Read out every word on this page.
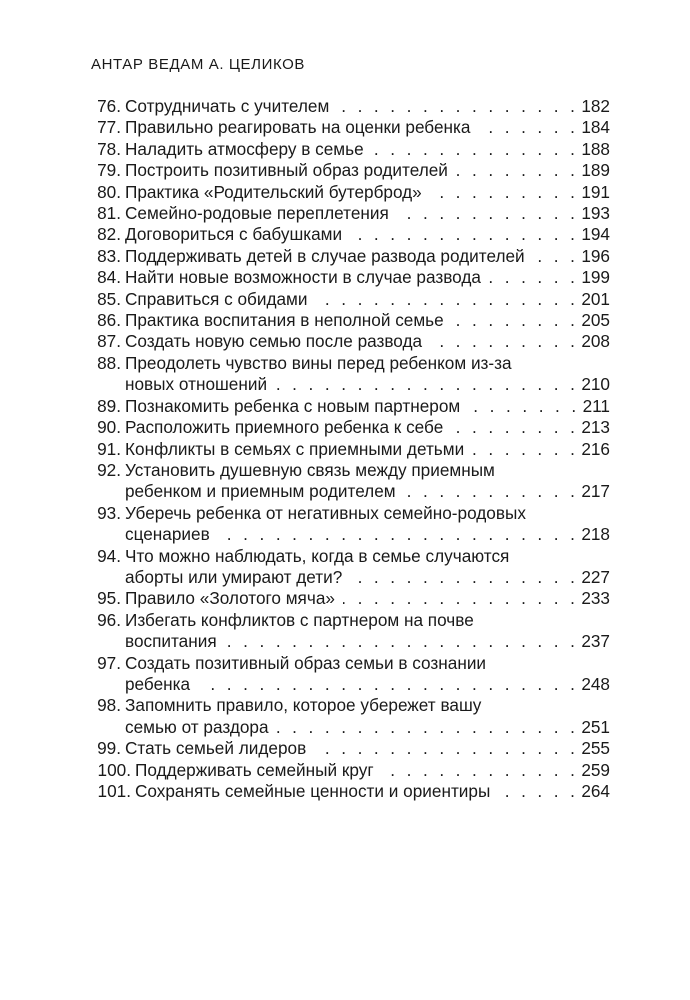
АНТАР ВЕДАМ А. ЦЕЛИКОВ
76. Сотрудничать с учителем . . .	182
77. Правильно реагировать на оценки ребенка . . .	184
78. Наладить атмосферу в семье . . .	188
79. Построить позитивный образ родителей . . .	189
80. Практика «Родительский бутерброд» . . .	191
81. Семейно-родовые переплетения . . .	193
82. Договориться с бабушками . . .	194
83. Поддерживать детей в случае развода родителей . . .	196
84. Найти новые возможности в случае развода . . .	199
85. Справиться с обидами . . .	201
86. Практика воспитания в неполной семье . . .	205
87. Создать новую семью после развода . . .	208
88. Преодолеть чувство вины перед ребенком из-за
новых отношений . . .	210
89. Познакомить ребенка с новым партнером . . .	211
90. Расположить приемного ребенка к себе . . .	213
91. Конфликты в семьях с приемными детьми . . .	216
92. Установить душевную связь между приемным
ребенком и приемным родителем . . .	217
93. Уберечь ребенка от негативных семейно-родовых
сценариев . . .	218
94. Что можно наблюдать, когда в семье случаются
аборты или умирают дети? . . .	227
95. Правило «Золотого мяча» . . .	233
96. Избегать конфликтов с партнером на почве
воспитания . . .	237
97. Создать позитивный образ семьи в сознании
ребенка . . .	248
98. Запомнить правило, которое убережет вашу
семью от раздора . . .	251
99. Стать семьей лидеров . . .	255
100. Поддерживать семейный круг . . .	259
101. Сохранять семейные ценности и ориентиры . . .	264
